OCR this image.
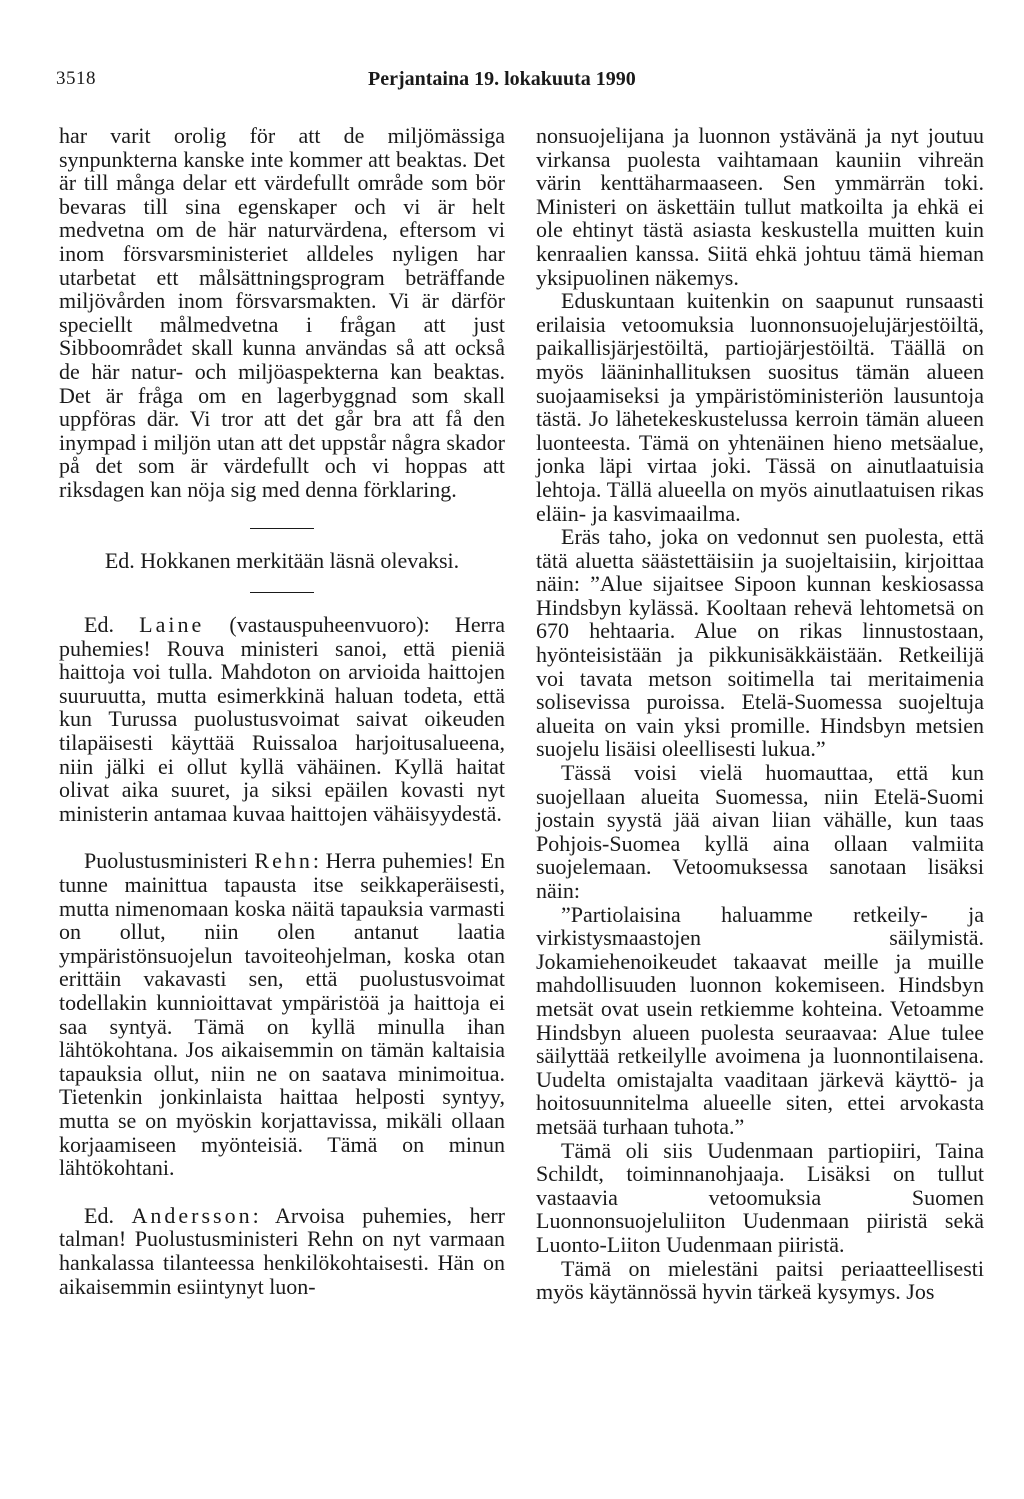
3518	Perjantaina 19. lokakuuta 1990

har varit orolig för att de miljömässiga synpunkterna kanske inte kommer att beaktas. Det är till många delar ett värdefullt område som bör bevaras till sina egenskaper och vi är helt medvetna om de här naturvärdena, eftersom vi inom försvarsministeriet alldeles nyligen har utarbetat ett målsättningsprogram beträffande miljövården inom försvarsmakten. Vi är därför speciellt målmedvetna i frågan att just Sibboområdet skall kunna användas så att också de här natur- och miljöaspekterna kan beaktas. Det är fråga om en lagerbyggnad som skall uppföras där. Vi tror att det går bra att få den inympad i miljön utan att det uppstår några skador på det som är värdefullt och vi hoppas att riksdagen kan nöja sig med denna förklaring.

Ed. Hokkanen merkitään läsnä olevaksi.

Ed. Laine (vastauspuheenvuoro): Herra puhemies! Rouva ministeri sanoi, että pieniä haittoja voi tulla. Mahdoton on arvioida haittojen suuruutta, mutta esimerkkinä haluan todeta, että kun Turussa puolustusvoimat saivat oikeuden tilapäisesti käyttää Ruissaloa harjoitusalueena, niin jälki ei ollut kyllä vähäinen. Kyllä haitat olivat aika suuret, ja siksi epäilen kovasti nyt ministerin antamaa kuvaa haittojen vähäisyydestä.

Puolustusministeri Rehn: Herra puhemies! En tunne mainittua tapausta itse seikkaperäisesti, mutta nimenomaan koska näitä tapauksia varmasti on ollut, niin olen antanut laatia ympäristönsuojelun tavoiteohjelman, koska otan erittäin vakavasti sen, että puolustusvoimat todellakin kunnioittavat ympäristöä ja haittoja ei saa syntyä. Tämä on kyllä minulla ihan lähtökohtana. Jos aikaisemmin on tämän kaltaisia tapauksia ollut, niin ne on saatava minimoitua. Tietenkin jonkinlaista haittaa helposti syntyy, mutta se on myöskin korjattavissa, mikäli ollaan korjaamiseen myönteisiä. Tämä on minun lähtökohtani.

Ed. Andersson: Arvoisa puhemies, herr talman! Puolustusministeri Rehn on nyt varmaan hankalassa tilanteessa henkilökohtaisesti. Hän on aikaisemmin esiintynyt luon-

nonsuojelijana ja luonnon ystävänä ja nyt joutuu virkansa puolesta vaihtamaan kauniin vihreän värin kenttäharmaaseen. Sen ymmärrän toki. Ministeri on äskettäin tullut matkoilta ja ehkä ei ole ehtinyt tästä asiasta keskustella muitten kuin kenraalien kanssa. Siitä ehkä johtuu tämä hieman yksipuolinen näkemys.

Eduskuntaan kuitenkin on saapunut runsaasti erilaisia vetoomuksia luonnonsuojelujärjestöiltä, paikallisjärjestöiltä, partiojärjestöiltä. Täällä on myös lääninhallituksen suositus tämän alueen suojaamiseksi ja ympäristöministeriön lausuntoja tästä. Jo lähetekeskustelussa kerroin tämän alueen luonteesta. Tämä on yhtenäinen hieno metsäalue, jonka läpi virtaa joki. Tässä on ainutlaatuisia lehtoja. Tällä alueella on myös ainutlaatuisen rikas eläin- ja kasvimaailma.

Eräs taho, joka on vedonnut sen puolesta, että tätä aluetta säästettäisiin ja suojeltaisiin, kirjoittaa näin: ”Alue sijaitsee Sipoon kunnan keskiosassa Hindsbyn kylässä. Kooltaan rehevä lehtometsä on 670 hehtaaria. Alue on rikas linnustostaan, hyönteisistään ja pikkunisäkkäistään. Retkeilijä voi tavata metson soitimella tai meritaimenia solisevissa puroissa. Etelä-Suomessa suojeltuja alueita on vain yksi promille. Hindsbyn metsien suojelu lisäisi oleellisesti lukua.”

Tässä voisi vielä huomauttaa, että kun suojellaan alueita Suomessa, niin Etelä-Suomi jostain syystä jää aivan liian vähälle, kun taas Pohjois-Suomea kyllä aina ollaan valmiita suojelemaan. Vetoomuksessa sanotaan lisäksi näin:

”Partiolaisina haluamme retkeily- ja virkistysmaastojen säilymistä. Jokamiehenoikeudet takaavat meille ja muille mahdollisuuden luonnon kokemiseen. Hindsbyn metsät ovat usein retkiemme kohteina. Vetoamme Hindsbyn alueen puolesta seuraavaa: Alue tulee säilyttää retkeilylle avoimena ja luonnontilaisena. Uudelta omistajalta vaaditaan järkevä käyttö- ja hoitosuunnitelma alueelle siten, ettei arvokasta metsää turhaan tuhota.”

Tämä oli siis Uudenmaan partiopiiri, Taina Schildt, toiminnanohjaaja. Lisäksi on tullut vastaavia vetoomuksia Suomen Luonnonsuojeluliiton Uudenmaan piiristä sekä Luonto-Liiton Uudenmaan piiristä.

Tämä on mielestäni paitsi periaatteellisesti myös käytännössä hyvin tärkeä kysymys. Jos
